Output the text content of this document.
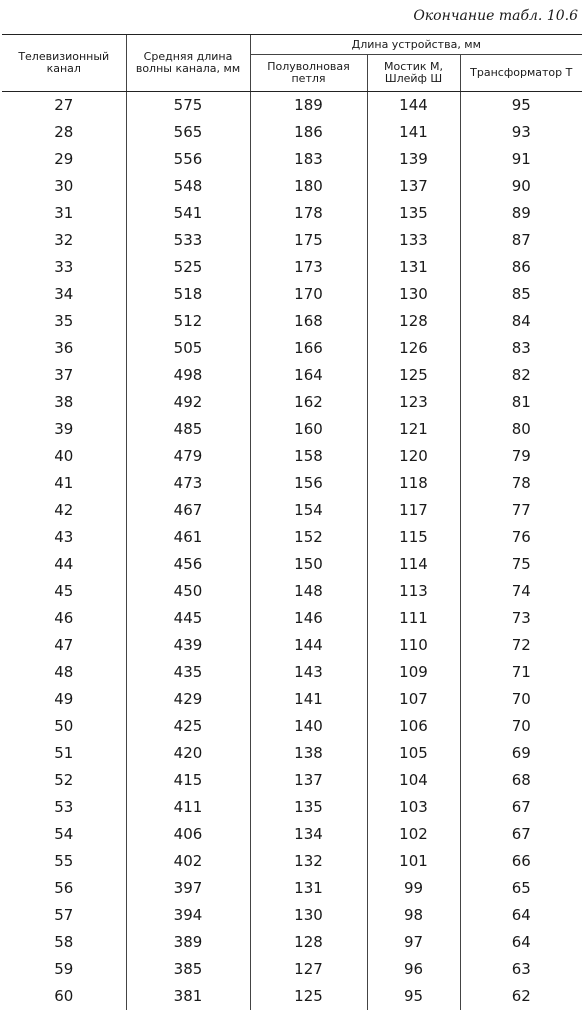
Окончание табл. 10.6
Телевизионный канал	Средняя длина волны канала, мм	Длина устройства, мм		
		Полуволновая петля	Мостик М, Шлейф Ш	Трансформатор Т
27	575	189	144	95
28	565	186	141	93
29	556	183	139	91
30	548	180	137	90
31	541	178	135	89
32	533	175	133	87
33	525	173	131	86
34	518	170	130	85
35	512	168	128	84
36	505	166	126	83
37	498	164	125	82
38	492	162	123	81
39	485	160	121	80
40	479	158	120	79
41	473	156	118	78
42	467	154	117	77
43	461	152	115	76
44	456	150	114	75
45	450	148	113	74
46	445	146	111	73
47	439	144	110	72
48	435	143	109	71
49	429	141	107	70
50	425	140	106	70
51	420	138	105	69
52	415	137	104	68
53	411	135	103	67
54	406	134	102	67
55	402	132	101	66
56	397	131	99	65
57	394	130	98	64
58	389	128	97	64
59	385	127	96	63
60	381	125	95	62
